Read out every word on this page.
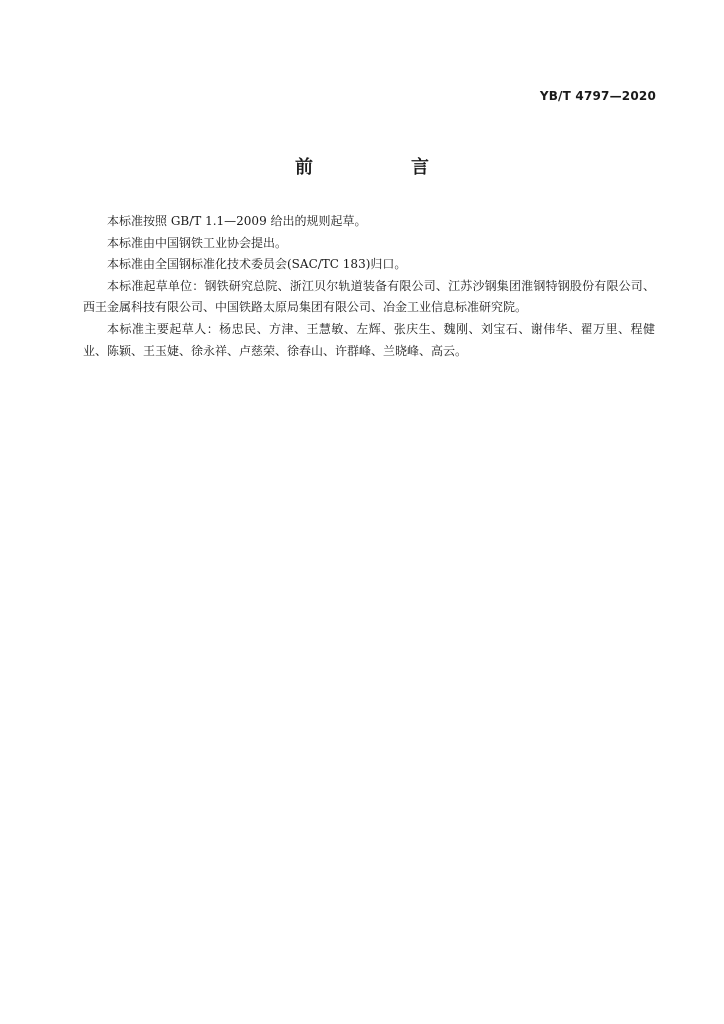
YB/T 4797—2020
前　言

本标准按照 GB/T 1.1—2009 给出的规则起草。

本标准由中国钢铁工业协会提出。

本标准由全国钢标准化技术委员会(SAC/TC 183)归口。

本标准起草单位：钢铁研究总院、浙江贝尔轨道装备有限公司、江苏沙钢集团淮钢特钢股份有限公司、西王金属科技有限公司、中国铁路太原局集团有限公司、冶金工业信息标准研究院。

本标准主要起草人：杨忠民、方津、王慧敏、左辉、张庆生、魏刚、刘宝石、谢伟华、翟万里、程健业、陈颖、王玉婕、徐永祥、卢慈荣、徐春山、许群峰、兰晓峰、高云。
